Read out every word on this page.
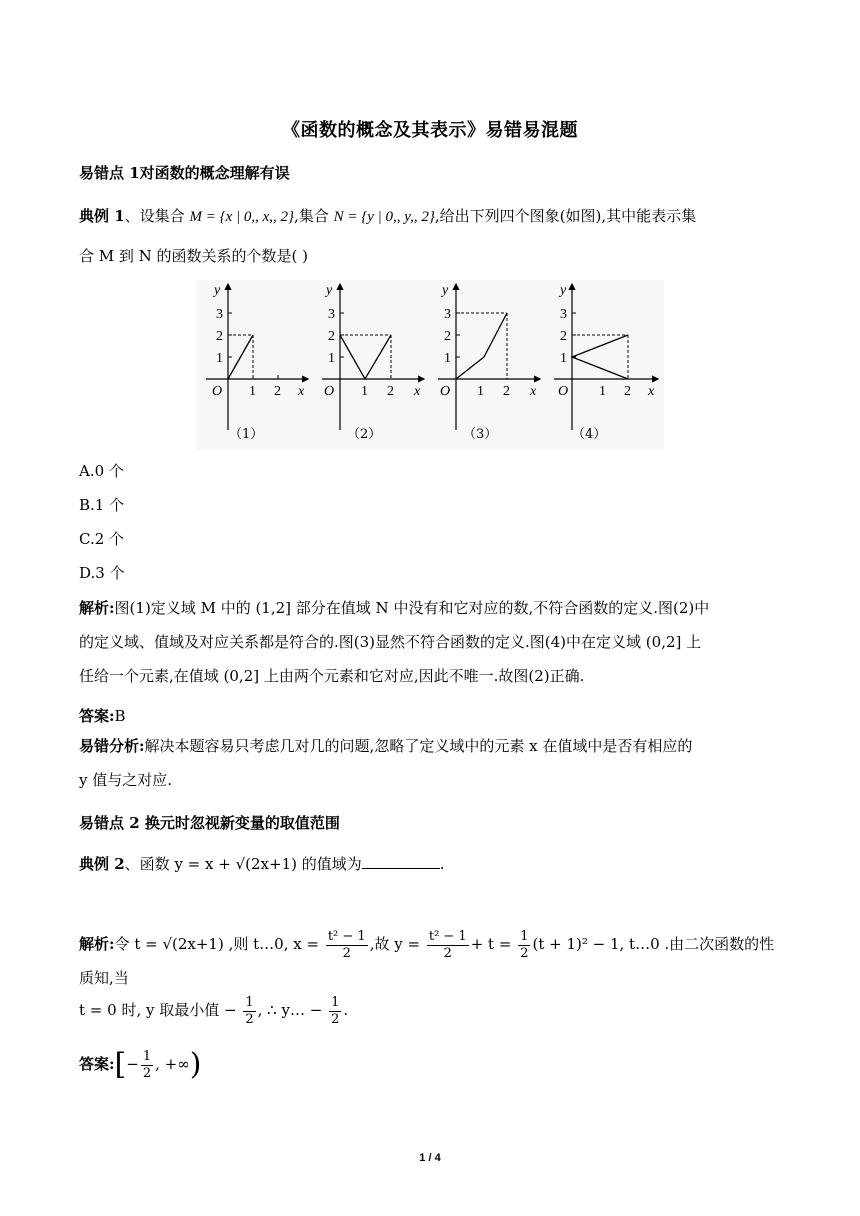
《函数的概念及其表示》易错易混题
易错点 1对函数的概念理解有误
典例 1、设集合 M = {x | 0,, x,, 2},集合 N = {y | 0,, y,, 2},给出下列四个图象(如图),其中能表示集
合 M 到 N 的函数关系的个数是( )
y
x
O
1
2
3
1 2
（1）
y
x
O
1
2
3
1 2
（2）
y
x
O
1
2
3
1 2
（3）
y
x
O
1
2
3
1 2
（4）
A.0 个
B.1 个
C.2 个
D.3 个
解析:图(1)定义域 M 中的 (1,2] 部分在值域 N 中没有和它对应的数,不符合函数的定义.图(2)中
的定义域、值域及对应关系都是符合的.图(3)显然不符合函数的定义.图(4)中在定义域 (0,2] 上
任给一个元素,在值域 (0,2] 上由两个元素和它对应,因此不唯一.故图(2)正确.
答案:B
易错分析:解决本题容易只考虑几对几的问题,忽略了定义域中的元素 x 在值域中是否有相应的
y 值与之对应.
易错点 2 换元时忽视新变量的取值范围
典例 2、函数 y = x + √(2x+1) 的值域为	.
解析:令 t = √(2x+1) ,则 t…0, $x = \frac{\text{t² − 1}}{2}$ ,故 $y = \frac{\text{t² − 1}}{2} + t = \frac{1}{2} (t + 1)^2 - 1$, t…0 .由二次函数的性质知,当
t = 0 时, y 取最小值 − $\frac{1}{2}$ , ∴ y… − $\frac{1}{2}$ .
答案:[− $\frac{1}{2}$ , +∞)
1 / 4
